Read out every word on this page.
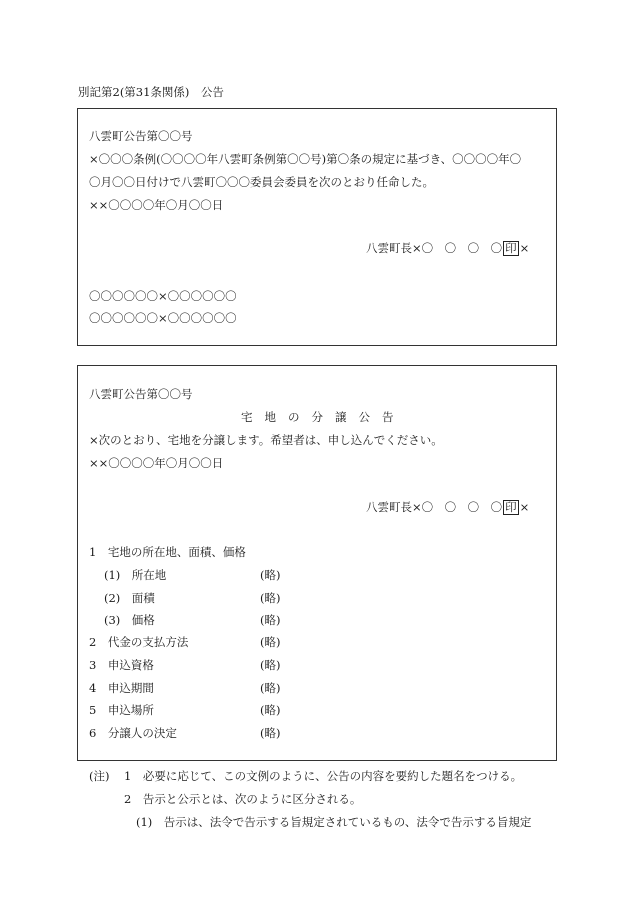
別記第2(第31条関係)　公告
八雲町公告第〇〇号
×〇〇〇条例(〇〇〇〇年八雲町条例第〇〇号)第〇条の規定に基づき、〇〇〇〇年〇
〇月〇〇日付けで八雲町〇〇〇委員会委員を次のとおり任命した。
××〇〇〇〇年〇月〇〇日
八雲町長×〇　〇　〇　〇 印 ×
〇〇〇〇〇〇×〇〇〇〇〇〇
〇〇〇〇〇〇×〇〇〇〇〇〇
八雲町公告第〇〇号
宅地の分譲公告
×次のとおり、宅地を分譲します。希望者は、申し込んでください。
××〇〇〇〇年〇月〇〇日
八雲町長×〇　〇　〇　〇 印 ×
1　宅地の所在地、面積、価格
(1)　所在地	(略)
(2)　面積	(略)
(3)　価格	(略)
2　代金の支払方法	(略)
3　申込資格	(略)
4　申込期間	(略)
5　申込場所	(略)
6　分譲人の決定	(略)
(注) 1　必要に応じて、この文例のように、公告の内容を要約した題名をつける。
2　告示と公示とは、次のように区分される。
(1)　告示は、法令で告示する旨規定されているもの、法令で告示する旨規定
